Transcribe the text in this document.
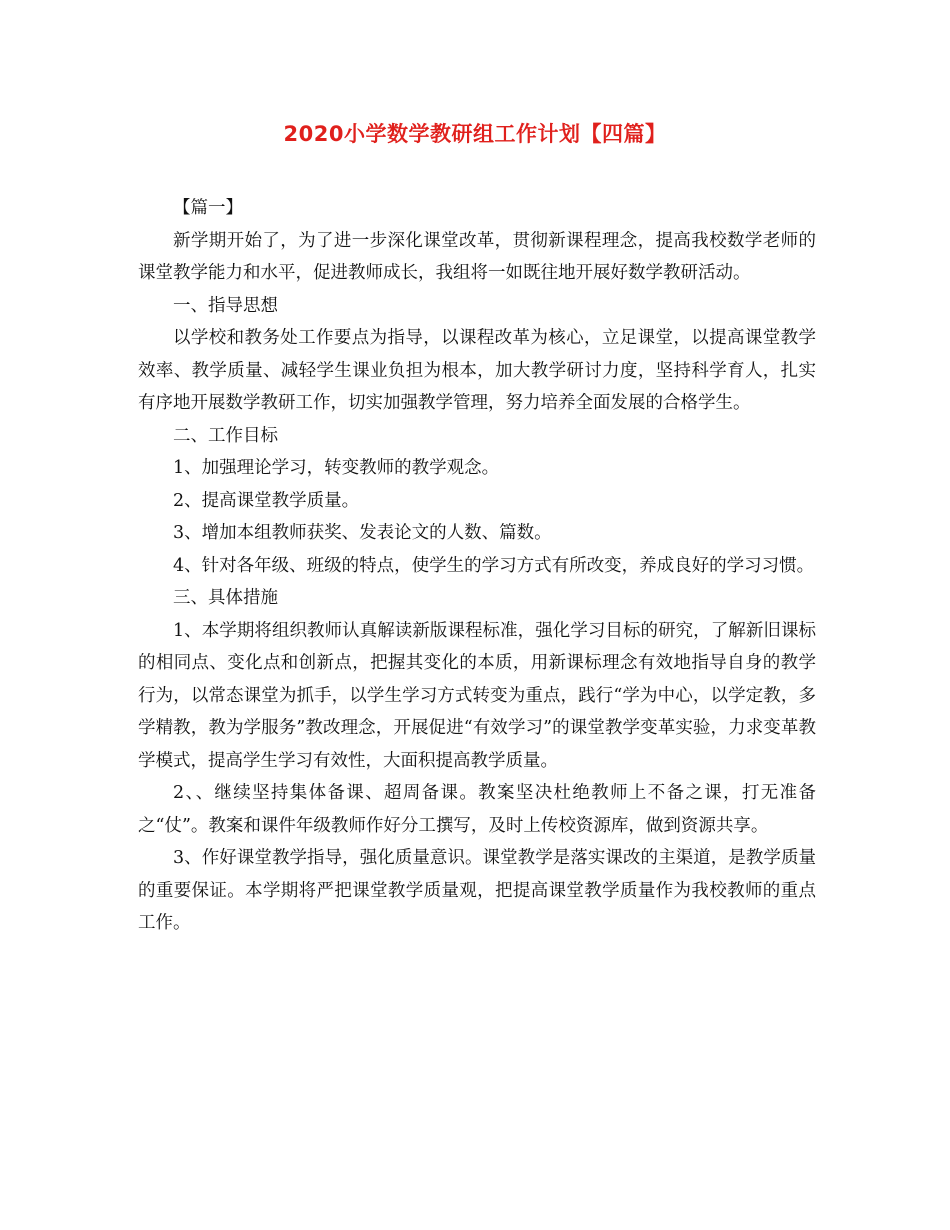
2020小学数学教研组工作计划【四篇】

【篇一】

新学期开始了，为了进一步深化课堂改革，贯彻新课程理念，提高我校数学老师的课堂教学能力和水平，促进教师成长，我组将一如既往地开展好数学教研活动。

一、指导思想

以学校和教务处工作要点为指导，以课程改革为核心，立足课堂，以提高课堂教学效率、教学质量、减轻学生课业负担为根本，加大教学研讨力度，坚持科学育人，扎实有序地开展数学教研工作，切实加强教学管理，努力培养全面发展的合格学生。

二、工作目标

1、加强理论学习，转变教师的教学观念。

2、提高课堂教学质量。

3、增加本组教师获奖、发表论文的人数、篇数。

4、针对各年级、班级的特点，使学生的学习方式有所改变，养成良好的学习习惯。

三、具体措施

1、本学期将组织教师认真解读新版课程标准，强化学习目标的研究，了解新旧课标的相同点、变化点和创新点，把握其变化的本质，用新课标理念有效地指导自身的教学行为，以常态课堂为抓手，以学生学习方式转变为重点，践行“学为中心，以学定教，多学精教，教为学服务”教改理念，开展促进“有效学习”的课堂教学变革实验，力求变革教学模式，提高学生学习有效性，大面积提高教学质量。

2、、继续坚持集体备课、超周备课。教案坚决杜绝教师上不备之课，打无准备之“仗”。教案和课件年级教师作好分工撰写，及时上传校资源库，做到资源共享。

3、作好课堂教学指导，强化质量意识。课堂教学是落实课改的主渠道，是教学质量的重要保证。本学期将严把课堂教学质量观，把提高课堂教学质量作为我校教师的重点工作。
